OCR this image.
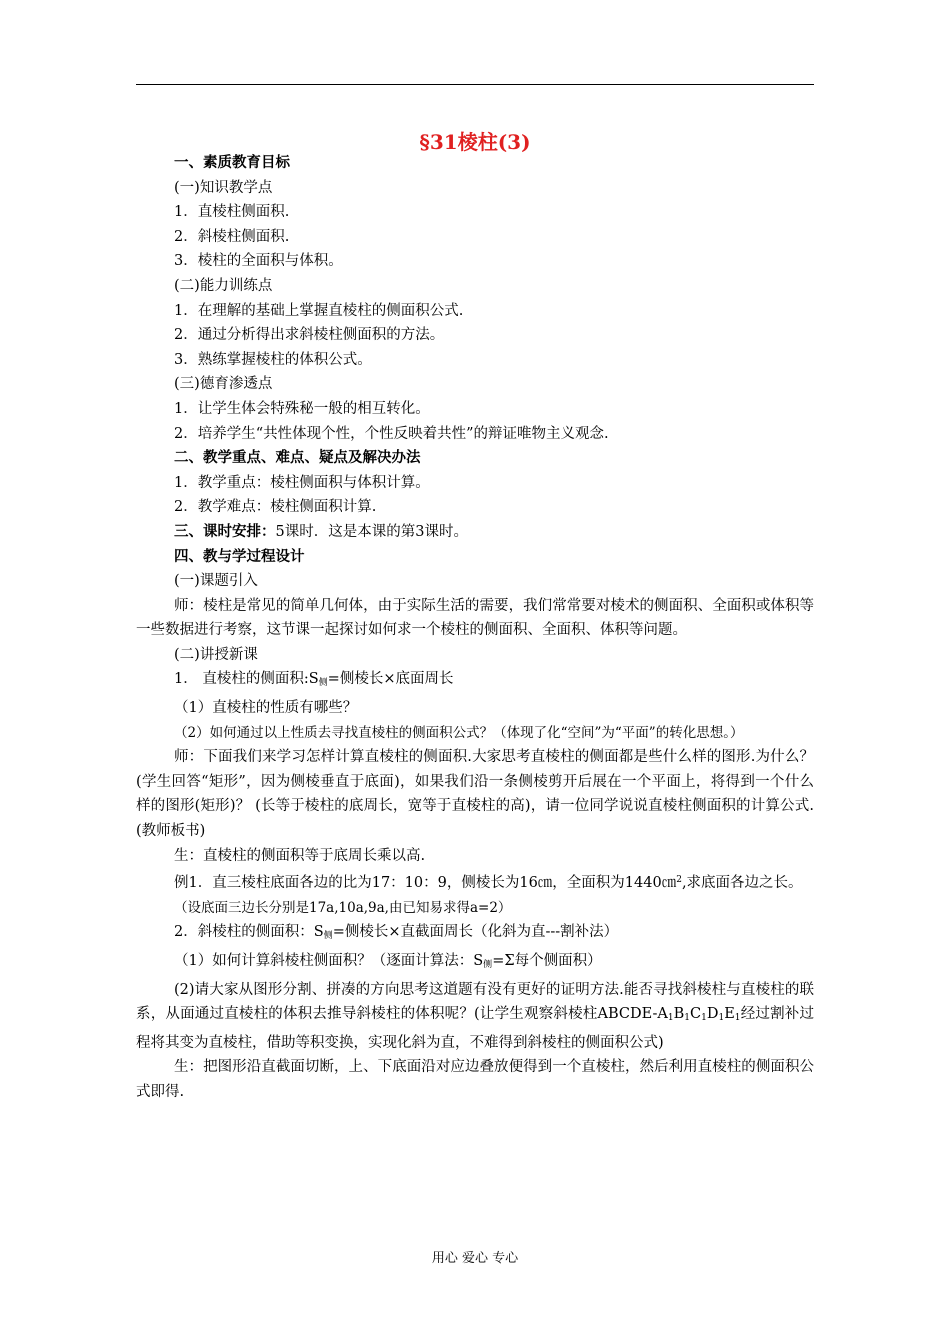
§31棱柱(3)

一、素质教育目标

(一)知识教学点

1．直棱柱侧面积.

2．斜棱柱侧面积.

3．棱柱的全面积与体积。

(二)能力训练点

1．在理解的基础上掌握直棱柱的侧面积公式.

2．通过分析得出求斜棱柱侧面积的方法。

3．熟练掌握棱柱的体积公式。

(三)德育渗透点

1．让学生体会特殊秘一般的相互转化。

2．培养学生“共性体现个性，个性反映着共性”的辩证唯物主义观念.

二、教学重点、难点、疑点及解决办法

1．教学重点：棱柱侧面积与体积计算。

2．教学难点：棱柱侧面积计算.

三、课时安排：5课时．这是本课的第3课时。

四、教与学过程设计

(一)课题引入

师：棱柱是常见的简单几何体，由于实际生活的需要，我们常常要对棱术的侧面积、全面积或体积等一些数据进行考察，这节课一起探讨如何求一个棱柱的侧面积、全面积、体积等问题。

(二)讲授新课

1． 直棱柱的侧面积$:S_侧=$侧棱长×底面周长

（1）直棱柱的性质有哪些？

（2）如何通过以上性质去寻找直棱柱的侧面积公式？（体现了化“空间”为“平面”的转化思想。）

师：下面我们来学习怎样计算直棱柱的侧面积.大家思考直棱柱的侧面都是些什么样的图形.为什么？(学生回答“矩形”，因为侧棱垂直于底面)，如果我们沿一条侧棱剪开后展在一个平面上，将得到一个什么样的图形(矩形)？ (长等于棱柱的底周长，宽等于直棱柱的高)，请一位同学说说直棱柱侧面积的计算公式. (教师板书)

生：直棱柱的侧面积等于底周长乘以高.

例1．直三棱柱底面各边的比为17：10：9，侧棱长为16㎝，全面积为1440㎝$^2$,求底面各边之长。

（设底面三边长分别是17a,10a,9a,由已知易求得a=2）

2．斜棱柱的侧面积：$S_侧=$侧棱长×直截面周长（化斜为直---割补法）

（1）如何计算斜棱柱侧面积？（逐面计算法：$S_侧=\Sigma$每个侧面积）

(2)请大家从图形分割、拼凑的方向思考这道题有没有更好的证明方法.能否寻找斜棱柱与直棱柱的联系，从面通过直棱柱的体积去推导斜棱柱的体积呢？(让学生观察斜棱柱ABCDE-$A_1B_1C_1D_1E_1$经过割补过程将其变为直棱柱，借助等积变换，实现化斜为直，不难得到斜棱柱的侧面积公式)

生：把图形沿直截面切断，上、下底面沿对应边叠放便得到一个直棱柱，然后利用直棱柱的侧面积公式即得.

用心 爱心 专心
